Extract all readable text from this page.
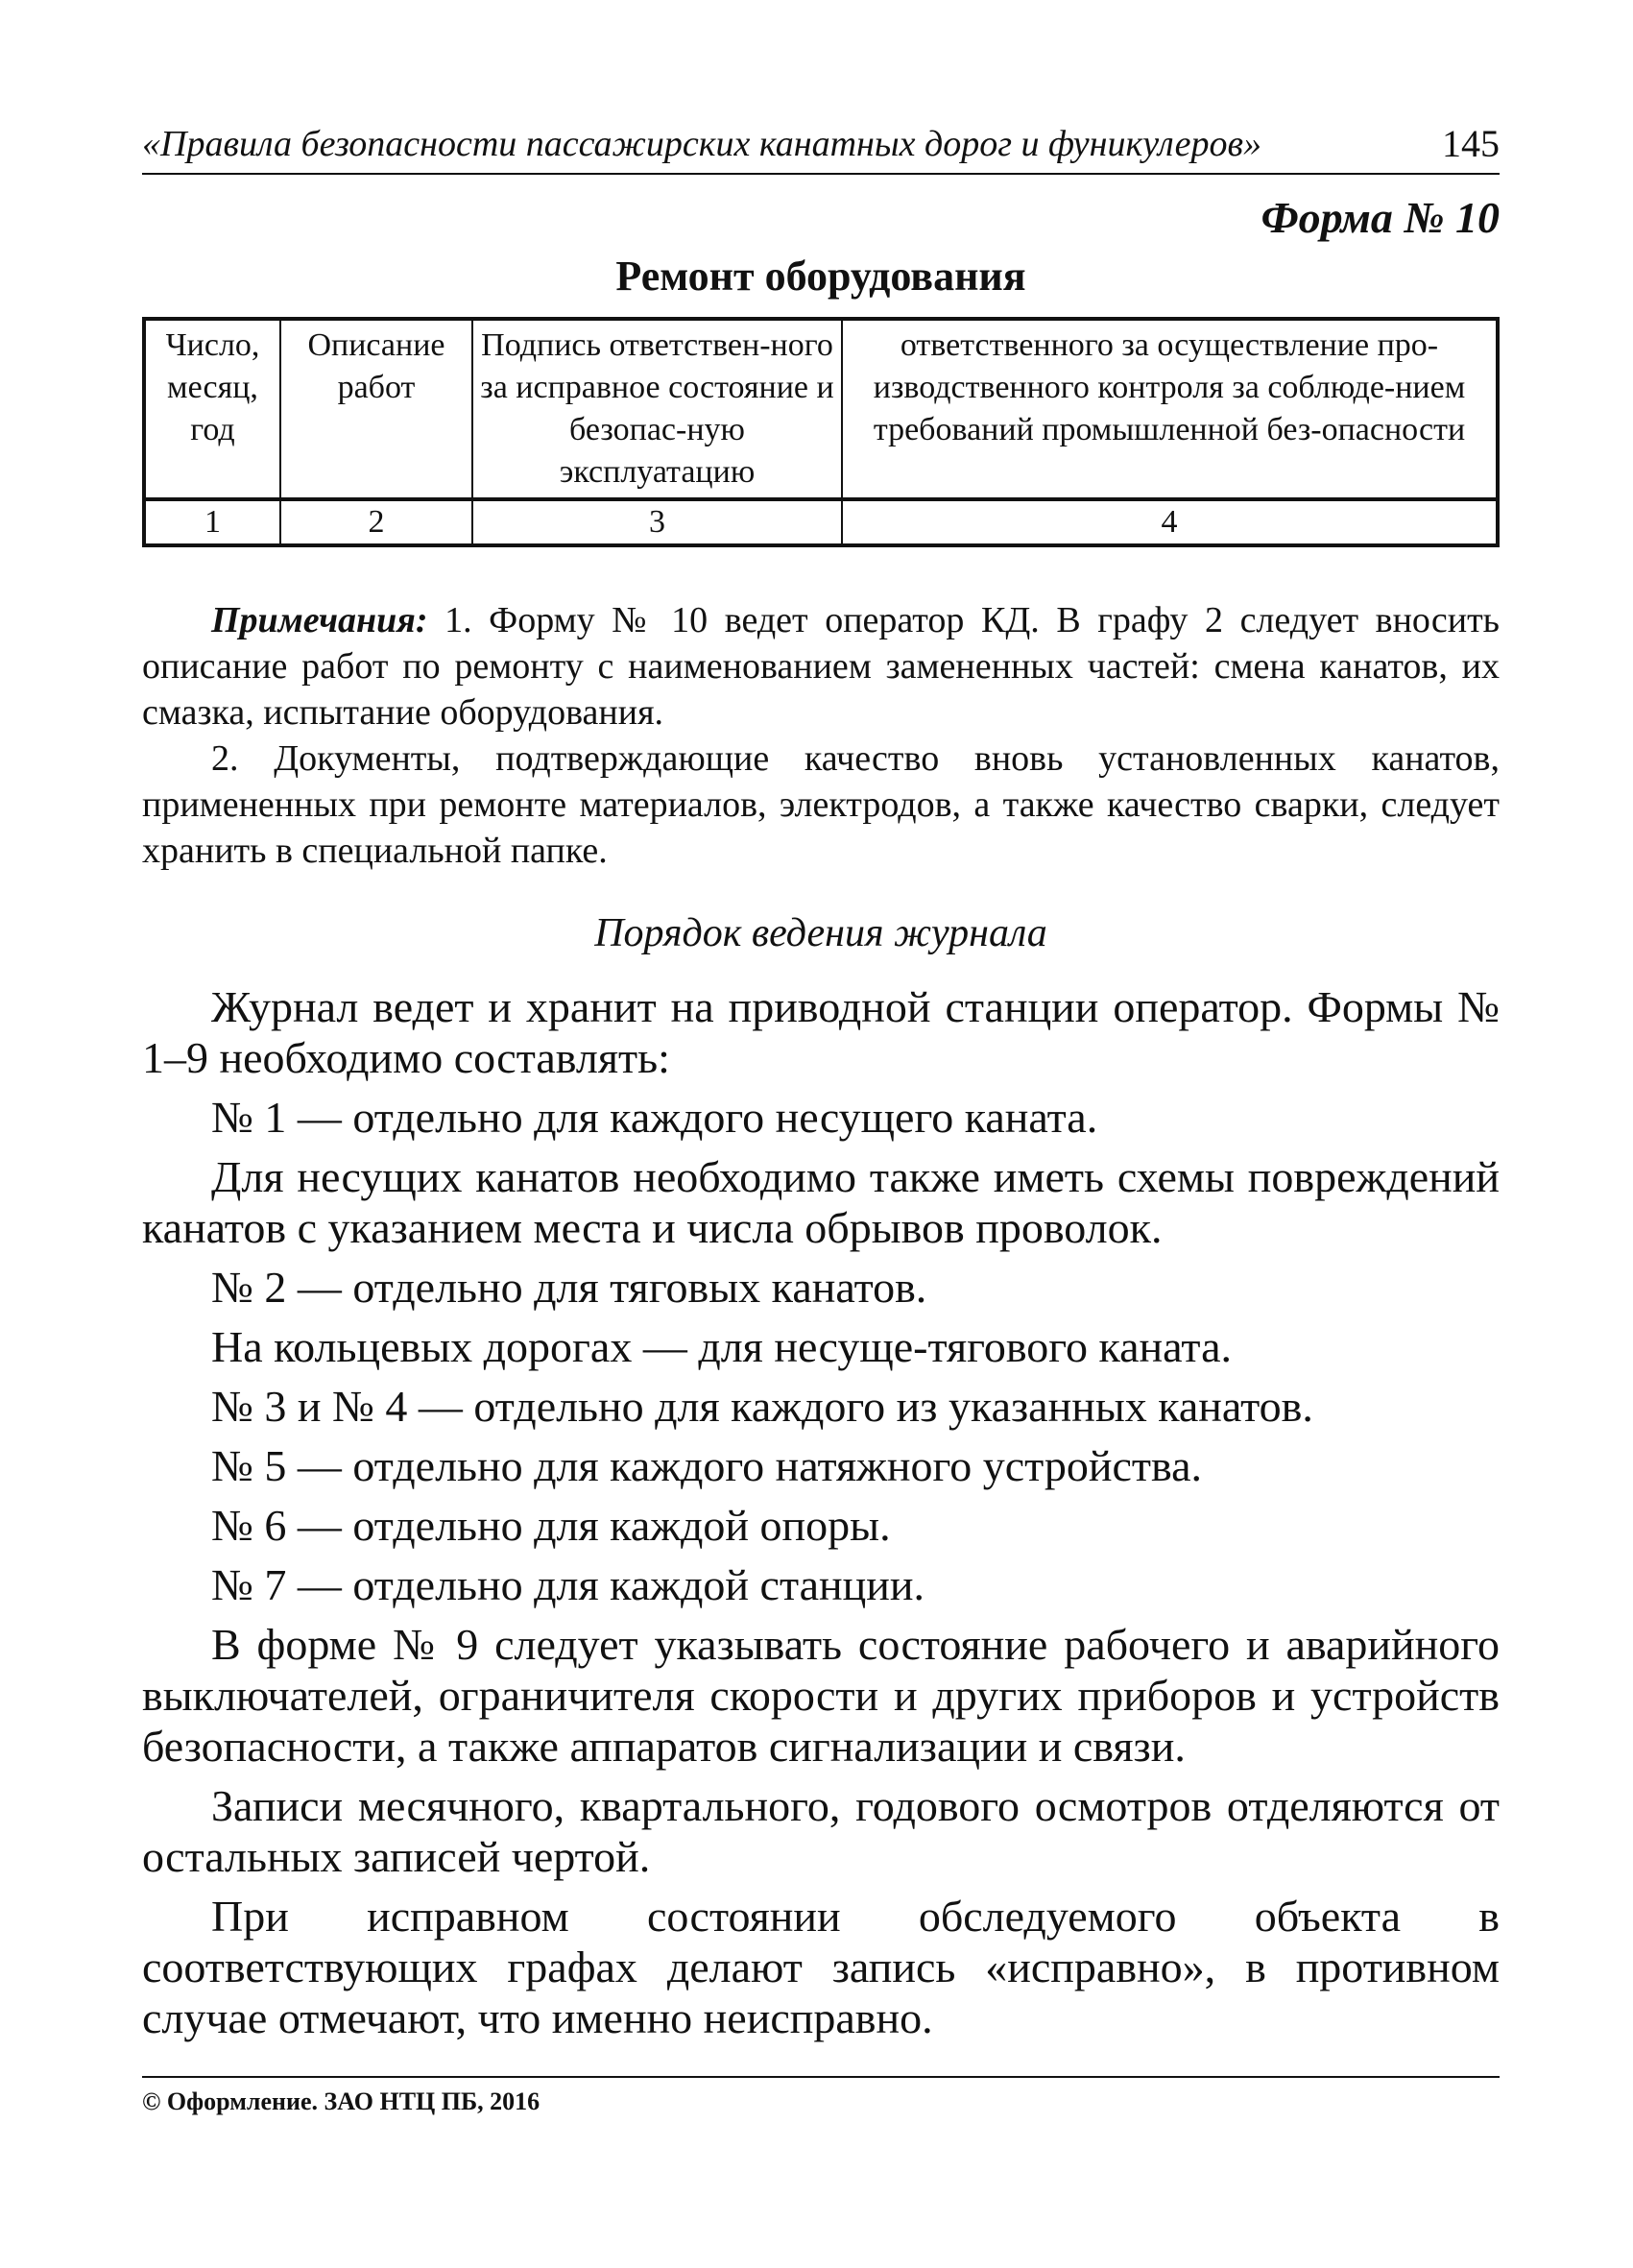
«Правила безопасности пассажирских канатных дорог и фуникулеров»	145
Форма № 10
Ремонт оборудования
Число, месяц, год	Описание работ	Подпись ответствен-ного за исправное состояние и безопас-ную эксплуатацию	ответственного за осуществление про-изводственного контроля за соблюде-нием требований промышленной без-опасности
1	2	3	4

Примечания: 1. Форму № 10 ведет оператор КД. В графу 2 следует вносить описание работ по ремонту с наименованием замененных частей: смена канатов, их смазка, испытание оборудования.

2. Документы, подтверждающие качество вновь установленных канатов, примененных при ремонте материалов, электродов, а также качество сварки, следует хранить в специальной папке.

Порядок ведения журнала

Журнал ведет и хранит на приводной станции оператор. Формы № 1–9 необходимо составлять:

№ 1 — отдельно для каждого несущего каната.

Для несущих канатов необходимо также иметь схемы повреждений канатов с указанием места и числа обрывов проволок.

№ 2 — отдельно для тяговых канатов.

На кольцевых дорогах — для несуще-тягового каната.

№ 3 и № 4 — отдельно для каждого из указанных канатов.

№ 5 — отдельно для каждого натяжного устройства.

№ 6 — отдельно для каждой опоры.

№ 7 — отдельно для каждой станции.

В форме № 9 следует указывать состояние рабочего и аварийного выключателей, ограничителя скорости и других приборов и устройств безопасности, а также аппаратов сигнализации и связи.

Записи месячного, квартального, годового осмотров отделяются от остальных записей чертой.

При исправном состоянии обследуемого объекта в соответствующих графах делают запись «исправно», в противном случае отмечают, что именно неисправно.

© Оформление. ЗАО НТЦ ПБ, 2016
